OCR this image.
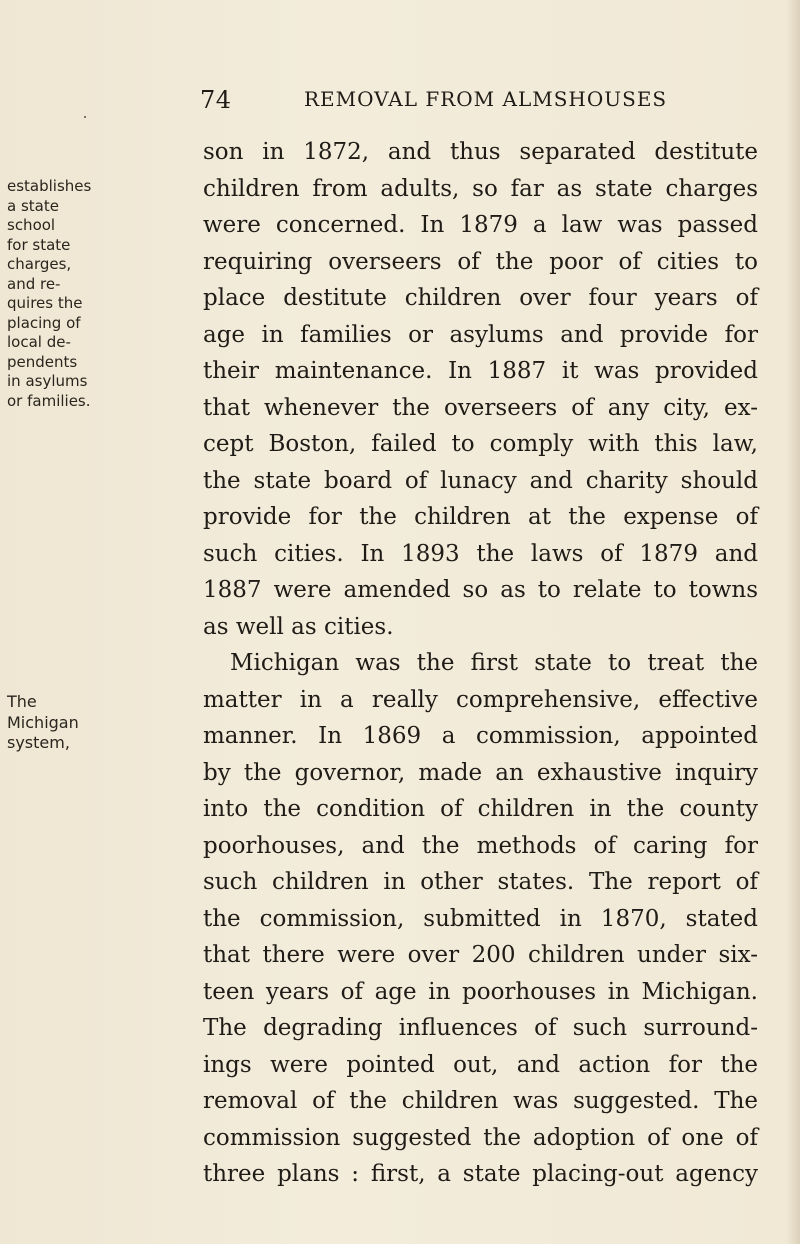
74	REMOVAL FROM ALMSHOUSES
establishes
a state
school
for state
charges,
and re-
quires the
placing of
local de-
pendents
in asylums
or families.
The
Michigan
system,
son in 1872, and thus separated destitute
children from adults, so far as state charges
were concerned. In 1879 a law was passed
requiring overseers of the poor of cities to
place destitute children over four years of
age in families or asylums and provide for
their maintenance. In 1887 it was provided
that whenever the overseers of any city, ex-
cept Boston, failed to comply with this law,
the state board of lunacy and charity should
provide for the children at the expense of
such cities. In 1893 the laws of 1879 and
1887 were amended so as to relate to towns
as well as cities.
Michigan was the first state to treat the
matter in a really comprehensive, effective
manner. In 1869 a commission, appointed
by the governor, made an exhaustive inquiry
into the condition of children in the county
poorhouses, and the methods of caring for
such children in other states. The report of
the commission, submitted in 1870, stated
that there were over 200 children under six-
teen years of age in poorhouses in Michigan.
The degrading influences of such surround-
ings were pointed out, and action for the
removal of the children was suggested. The
commission suggested the adoption of one of
three plans : first, a state placing-out agency
